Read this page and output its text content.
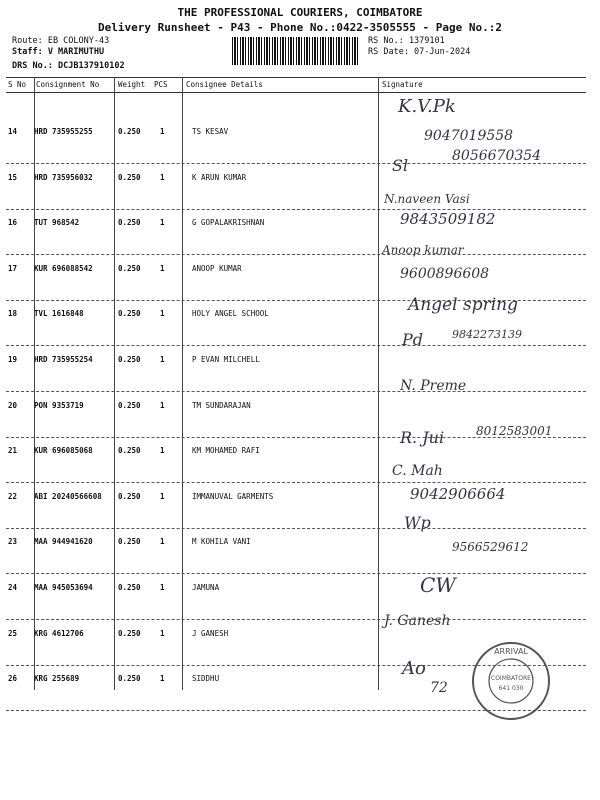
THE PROFESSIONAL COURIERS, COIMBATORE
Delivery Runsheet - P43 - Phone No.:0422-3505555 - Page No.:2
Route: EB COLONY-43
Staff: V MARIMUTHU
DRS No.: DCJB137910102
RS No.: 1379101
RS Date: 07-Jun-2024
S No Consignment No	Weight PCS Consignee Details	Signature
14 HRD 735955255	0.250	1	TS KESAV
K.V.Pk
9047019558
15 HRD 735956032	0.250	1	K ARUN KUMAR
Sl	8056670354
16 TUT 968542	0.250	1	G GOPALAKRISHNAN
N.naveen Vasi
9843509182
17 KUR 696088542	0.250	1	ANOOP KUMAR
Anoop kumar
9600896608
18 TVL 1616848	0.250	1	HOLY ANGEL SCHOOL	Angel spring
19 HRD 735955254	0.250	1	P EVAN MILCHELL
Pd	9842273139
20 PON 9353719	0.250	1	TM SUNDARAJAN
N. Preme
21 KUR 696085068	0.250	1	KM MOHAMED RAFI
R. Jui	8012583001
22 ABI 20240566608 0.250	1	IMMANUVAL GARMENTS
C. Mah
9042906664
23 MAA 944941620	0.250	1	M KOHILA VANI
Wp
9566529612
24 MAA 945053694	0.250	1	JAMUNA	CW
25 KRG 4612706	0.250	1	J GANESH
J. Ganesh
26 KRG 255689	0.250	1	SIDDHU	Ao
72
ARRIVAL
COIMBATORE
641 030
